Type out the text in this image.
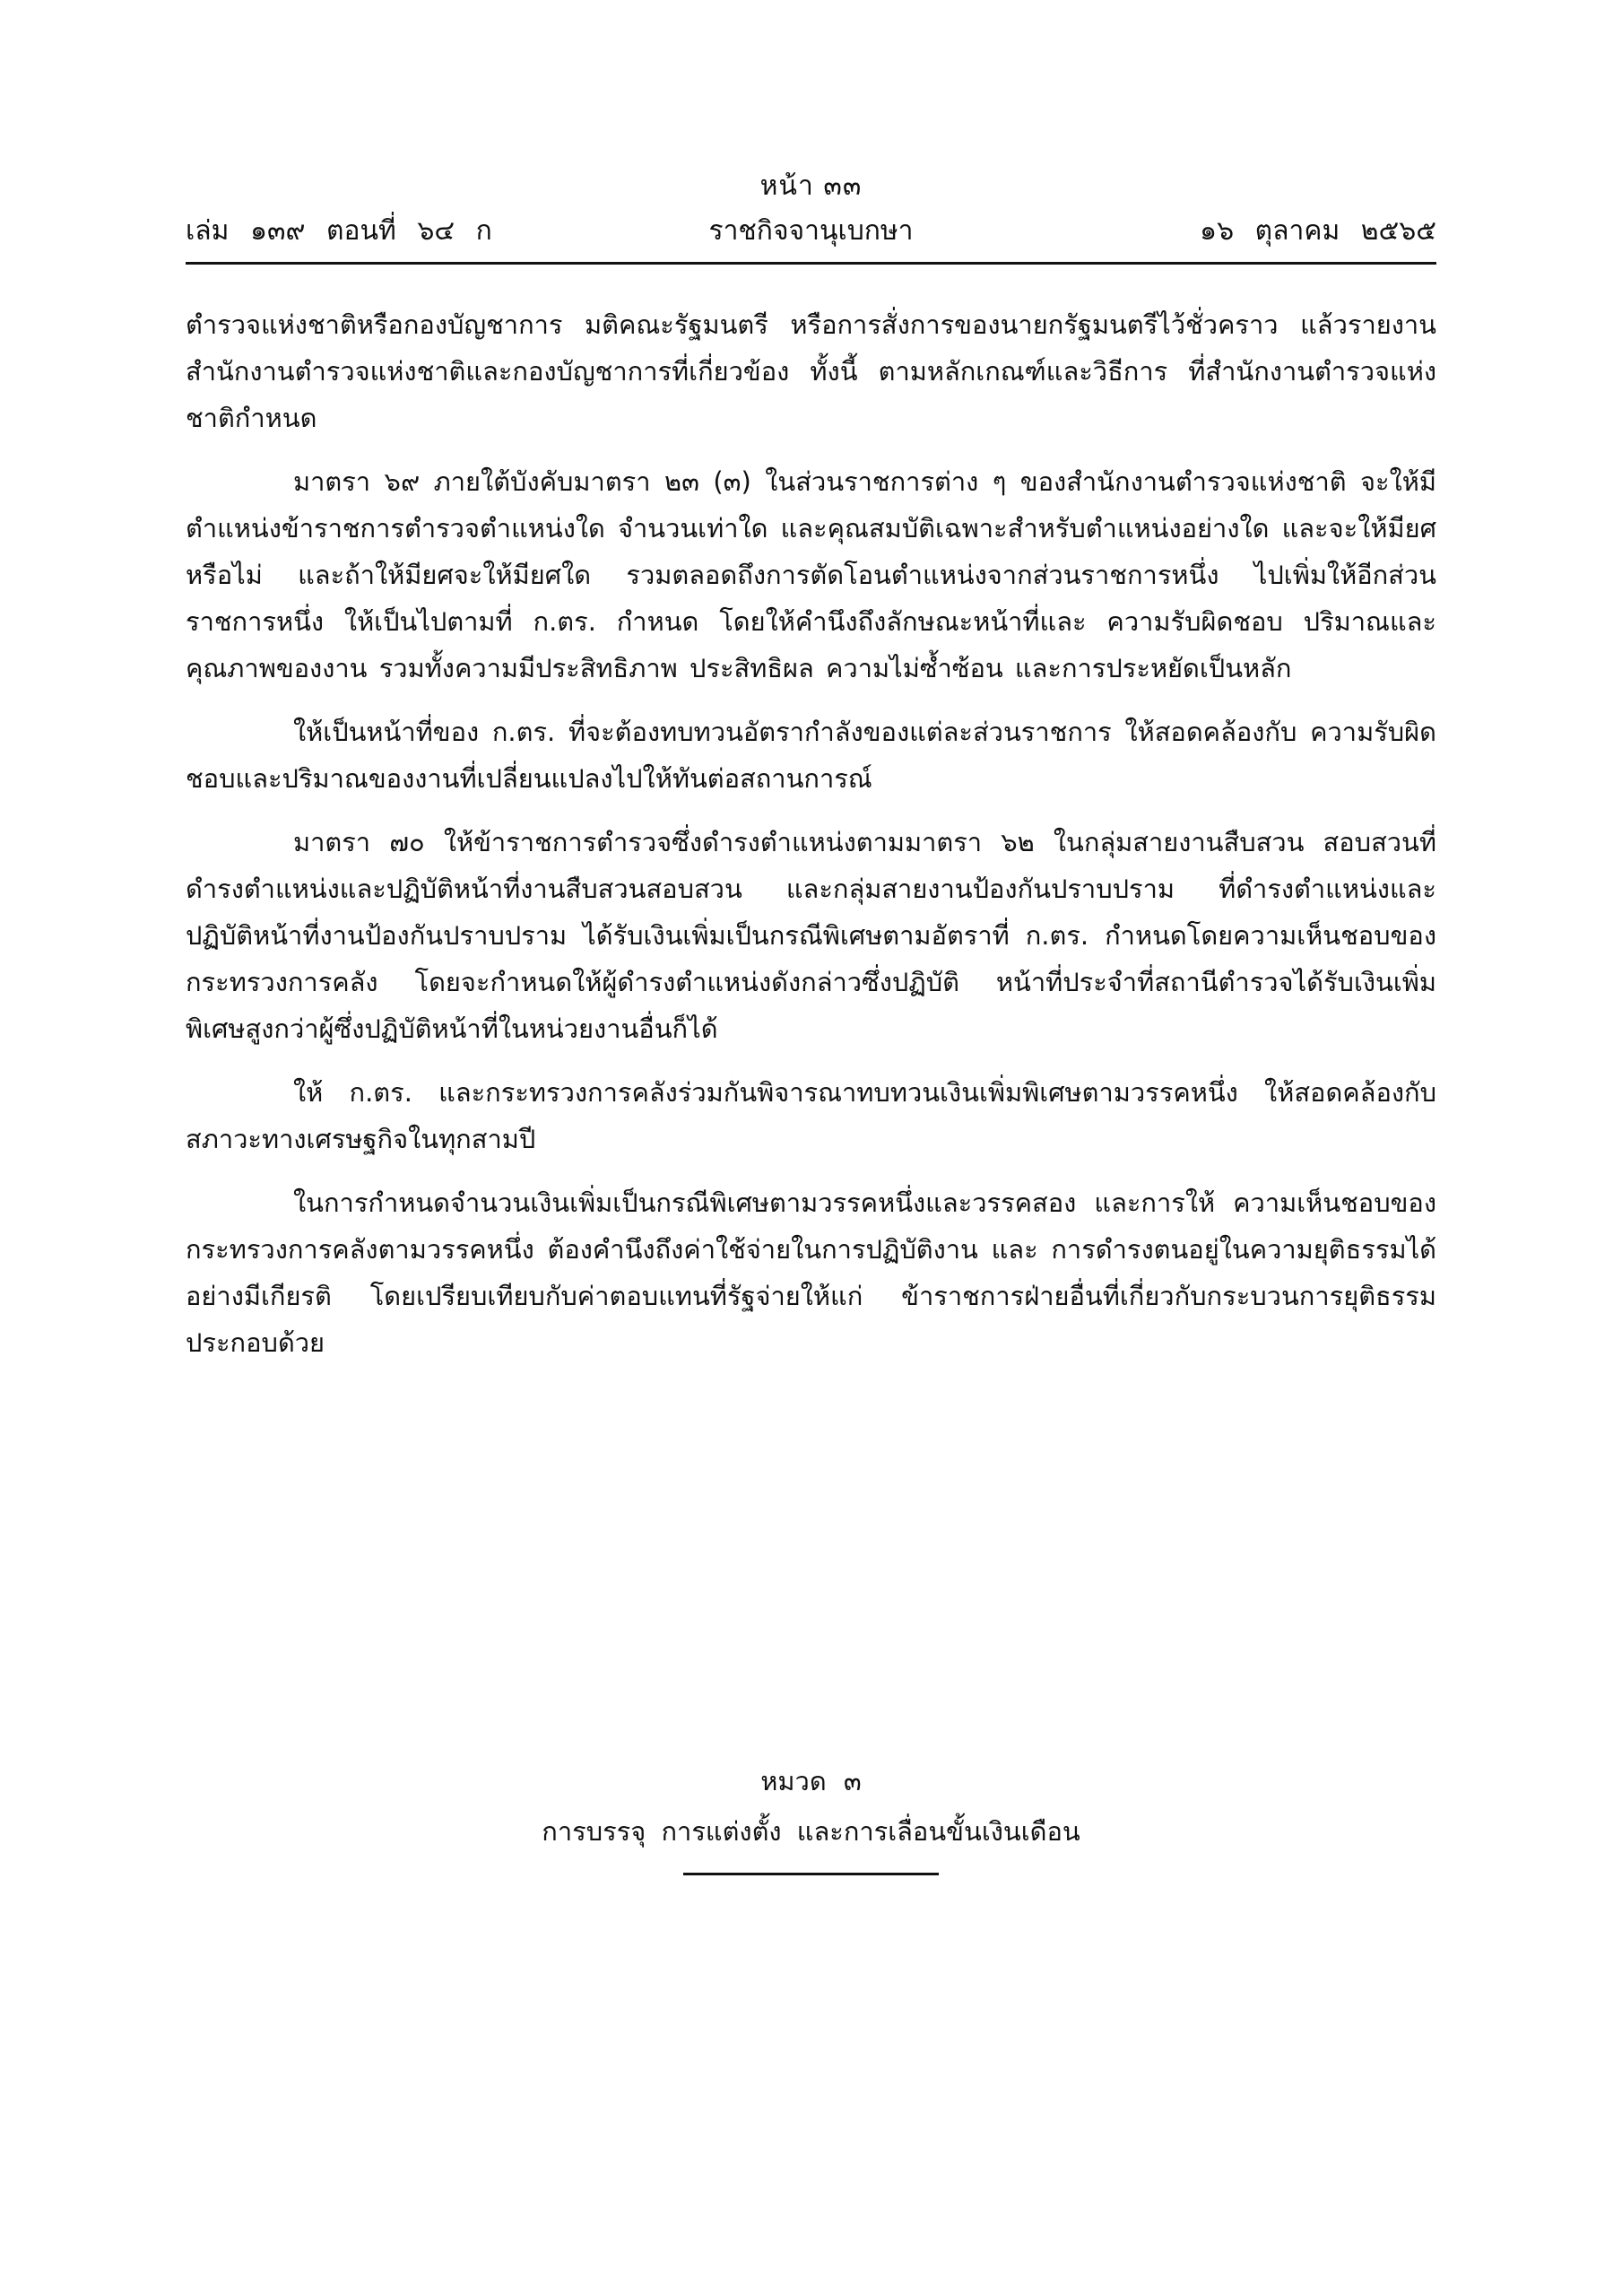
หน้า ๓๓
เล่ม ๑๓๙ ตอนที่ ๖๔ ก	ราชกิจจานุเบกษา	๑๖ ตุลาคม ๒๕๖๕

ตำรวจแห่งชาติหรือกองบัญชาการ มติคณะรัฐมนตรี หรือการสั่งการของนายกรัฐมนตรีไว้ชั่วคราว แล้วรายงานสำนักงานตำรวจแห่งชาติและกองบัญชาการที่เกี่ยวข้อง ทั้งนี้ ตามหลักเกณฑ์และวิธีการ ที่สำนักงานตำรวจแห่งชาติกำหนด

มาตรา ๖๙ ภายใต้บังคับมาตรา ๒๓ (๓) ในส่วนราชการต่าง ๆ ของสำนักงานตำรวจแห่งชาติ จะให้มีตำแหน่งข้าราชการตำรวจตำแหน่งใด จำนวนเท่าใด และคุณสมบัติเฉพาะสำหรับตำแหน่งอย่างใด และจะให้มียศหรือไม่ และถ้าให้มียศจะให้มียศใด รวมตลอดถึงการตัดโอนตำแหน่งจากส่วนราชการหนึ่ง ไปเพิ่มให้อีกส่วนราชการหนึ่ง ให้เป็นไปตามที่ ก.ตร. กำหนด โดยให้คำนึงถึงลักษณะหน้าที่และ ความรับผิดชอบ ปริมาณและคุณภาพของงาน รวมทั้งความมีประสิทธิภาพ ประสิทธิผล ความไม่ซ้ำซ้อน และการประหยัดเป็นหลัก

ให้เป็นหน้าที่ของ ก.ตร. ที่จะต้องทบทวนอัตรากำลังของแต่ละส่วนราชการ ให้สอดคล้องกับ ความรับผิดชอบและปริมาณของงานที่เปลี่ยนแปลงไปให้ทันต่อสถานการณ์

มาตรา ๗๐ ให้ข้าราชการตำรวจซึ่งดำรงตำแหน่งตามมาตรา ๖๒ ในกลุ่มสายงานสืบสวน สอบสวนที่ดำรงตำแหน่งและปฏิบัติหน้าที่งานสืบสวนสอบสวน และกลุ่มสายงานป้องกันปราบปราม ที่ดำรงตำแหน่งและปฏิบัติหน้าที่งานป้องกันปราบปราม ได้รับเงินเพิ่มเป็นกรณีพิเศษตามอัตราที่ ก.ตร. กำหนดโดยความเห็นชอบของกระทรวงการคลัง โดยจะกำหนดให้ผู้ดำรงตำแหน่งดังกล่าวซึ่งปฏิบัติ หน้าที่ประจำที่สถานีตำรวจได้รับเงินเพิ่มพิเศษสูงกว่าผู้ซึ่งปฏิบัติหน้าที่ในหน่วยงานอื่นก็ได้

ให้ ก.ตร. และกระทรวงการคลังร่วมกันพิจารณาทบทวนเงินเพิ่มพิเศษตามวรรคหนึ่ง ให้สอดคล้องกับสภาวะทางเศรษฐกิจในทุกสามปี

ในการกำหนดจำนวนเงินเพิ่มเป็นกรณีพิเศษตามวรรคหนึ่งและวรรคสอง และการให้ ความเห็นชอบของกระทรวงการคลังตามวรรคหนึ่ง ต้องคำนึงถึงค่าใช้จ่ายในการปฏิบัติงาน และ การดำรงตนอยู่ในความยุติธรรมได้อย่างมีเกียรติ โดยเปรียบเทียบกับค่าตอบแทนที่รัฐจ่ายให้แก่ ข้าราชการฝ่ายอื่นที่เกี่ยวกับกระบวนการยุติธรรมประกอบด้วย

หมวด ๓
การบรรจุ การแต่งตั้ง และการเลื่อนขั้นเงินเดือน
